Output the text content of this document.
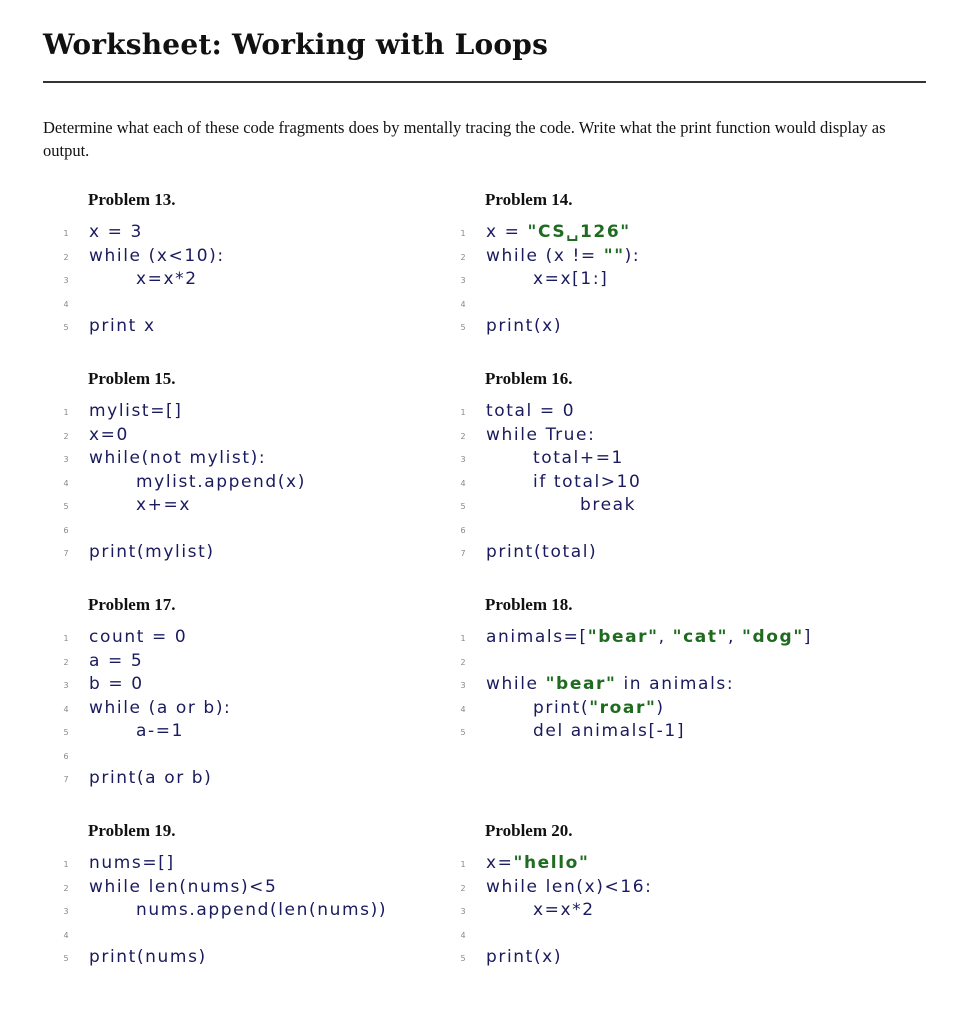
Worksheet: Working with Loops
Determine what each of these code fragments does by mentally tracing the code. Write what the print function would display as output.
Problem 13.
1 x = 3
2 while (x<10):
3	x=x*2
4
5 print x
Problem 14.
1 x = "CS␣126"
2 while (x != ""):
3	x=x[1:]
4
5 print(x)
Problem 15.
1 mylist=[]
2 x=0
3 while(not mylist):
4	mylist.append(x)
5	x+=x
6
7 print(mylist)
Problem 16.
1 total = 0
2 while True:
3	total+=1
4	if total>10
5	break
6
7 print(total)
Problem 17.
1 count = 0
2 a = 5
3 b = 0
4 while (a or b):
5	a-=1
6
7 print(a or b)
Problem 18.
1 animals=["bear", "cat", "dog"]
2
3 while "bear" in animals:
4	print("roar")
5	del animals[-1]
Problem 19.
1 nums=[]
2 while len(nums)<5
3	nums.append(len(nums))
4
5 print(nums)
Problem 20.
1 x="hello"
2 while len(x)<16:
3	x=x*2
4
5 print(x)
